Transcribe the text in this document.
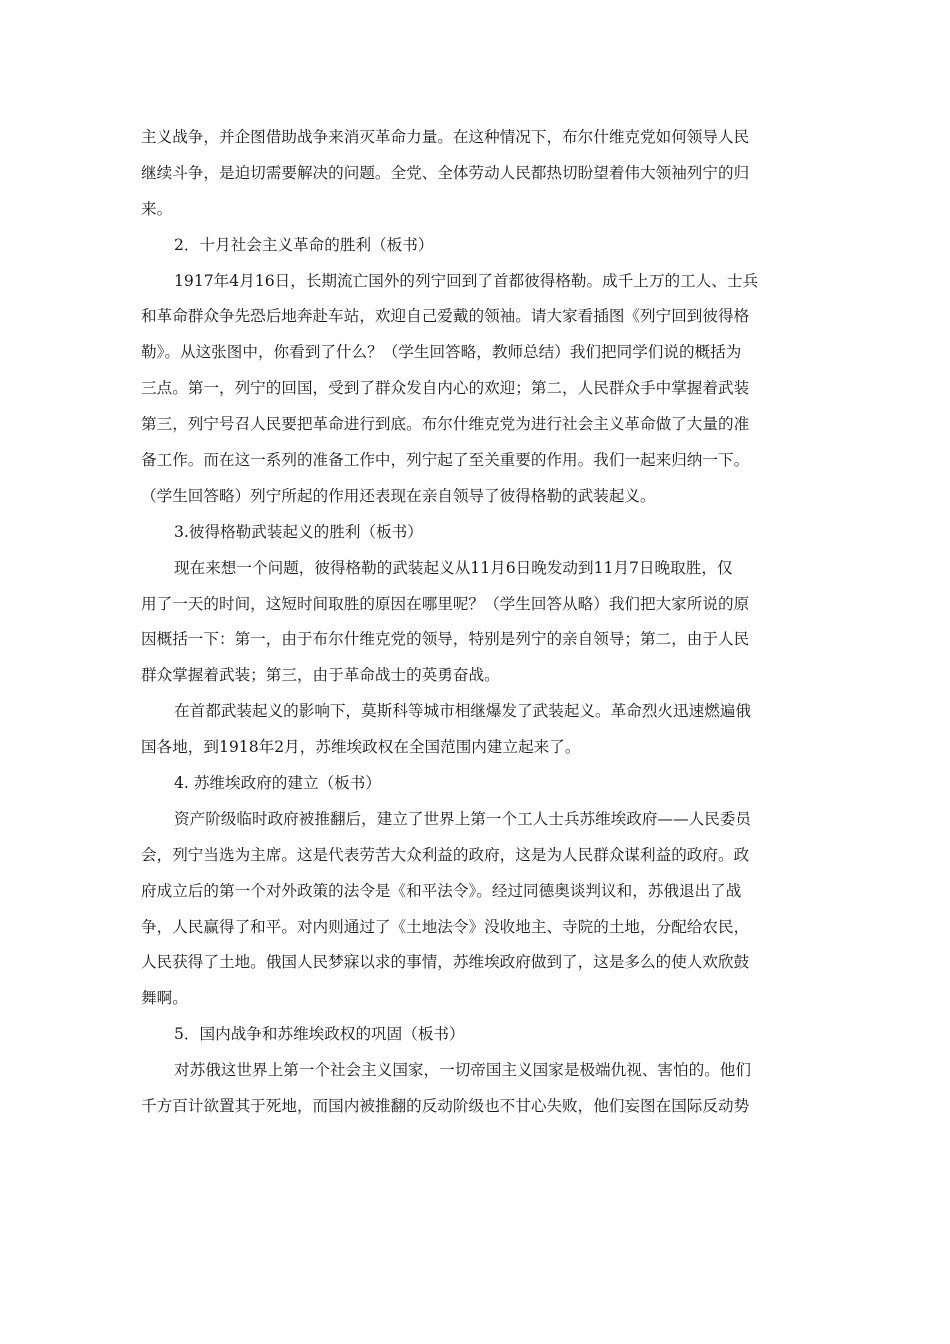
主义战争，并企图借助战争来消灭革命力量。在这种情况下，布尔什维克党如何领导人民
继续斗争，是迫切需要解决的问题。全党、全体劳动人民都热切盼望着伟大领袖列宁的归
来。
2．十月社会主义革命的胜利（板书）
1917年4月16日，长期流亡国外的列宁回到了首都彼得格勒。成千上万的工人、士兵
和革命群众争先恐后地奔赴车站，欢迎自己爱戴的领袖。请大家看插图《列宁回到彼得格
勒》。从这张图中，你看到了什么？（学生回答略，教师总结）我们把同学们说的概括为
三点。第一，列宁的回国，受到了群众发自内心的欢迎；第二，人民群众手中掌握着武装
第三，列宁号召人民要把革命进行到底。布尔什维克党为进行社会主义革命做了大量的准
备工作。而在这一系列的准备工作中，列宁起了至关重要的作用。我们一起来归纳一下。
（学生回答略）列宁所起的作用还表现在亲自领导了彼得格勒的武装起义。
3.彼得格勒武装起义的胜利（板书）
现在来想一个问题，彼得格勒的武装起义从11月6日晚发动到11月7日晚取胜，仅
用了一天的时间，这短时间取胜的原因在哪里呢？（学生回答从略）我们把大家所说的原
因概括一下：第一，由于布尔什维克党的领导，特别是列宁的亲自领导；第二，由于人民
群众掌握着武装；第三，由于革命战士的英勇奋战。
在首都武装起义的影响下，莫斯科等城市相继爆发了武装起义。革命烈火迅速燃遍俄
国各地，到1918年2月，苏维埃政权在全国范围内建立起来了。
4. 苏维埃政府的建立（板书）
资产阶级临时政府被推翻后，建立了世界上第一个工人士兵苏维埃政府——人民委员
会，列宁当选为主席。这是代表劳苦大众利益的政府，这是为人民群众谋利益的政府。政
府成立后的第一个对外政策的法令是《和平法令》。经过同德奥谈判议和，苏俄退出了战
争，人民赢得了和平。对内则通过了《土地法令》没收地主、寺院的土地，分配给农民，
人民获得了土地。俄国人民梦寐以求的事情，苏维埃政府做到了，这是多么的使人欢欣鼓
舞啊。
5．国内战争和苏维埃政权的巩固（板书）
对苏俄这世界上第一个社会主义国家，一切帝国主义国家是极端仇视、害怕的。他们
千方百计欲置其于死地，而国内被推翻的反动阶级也不甘心失败，他们妄图在国际反动势
